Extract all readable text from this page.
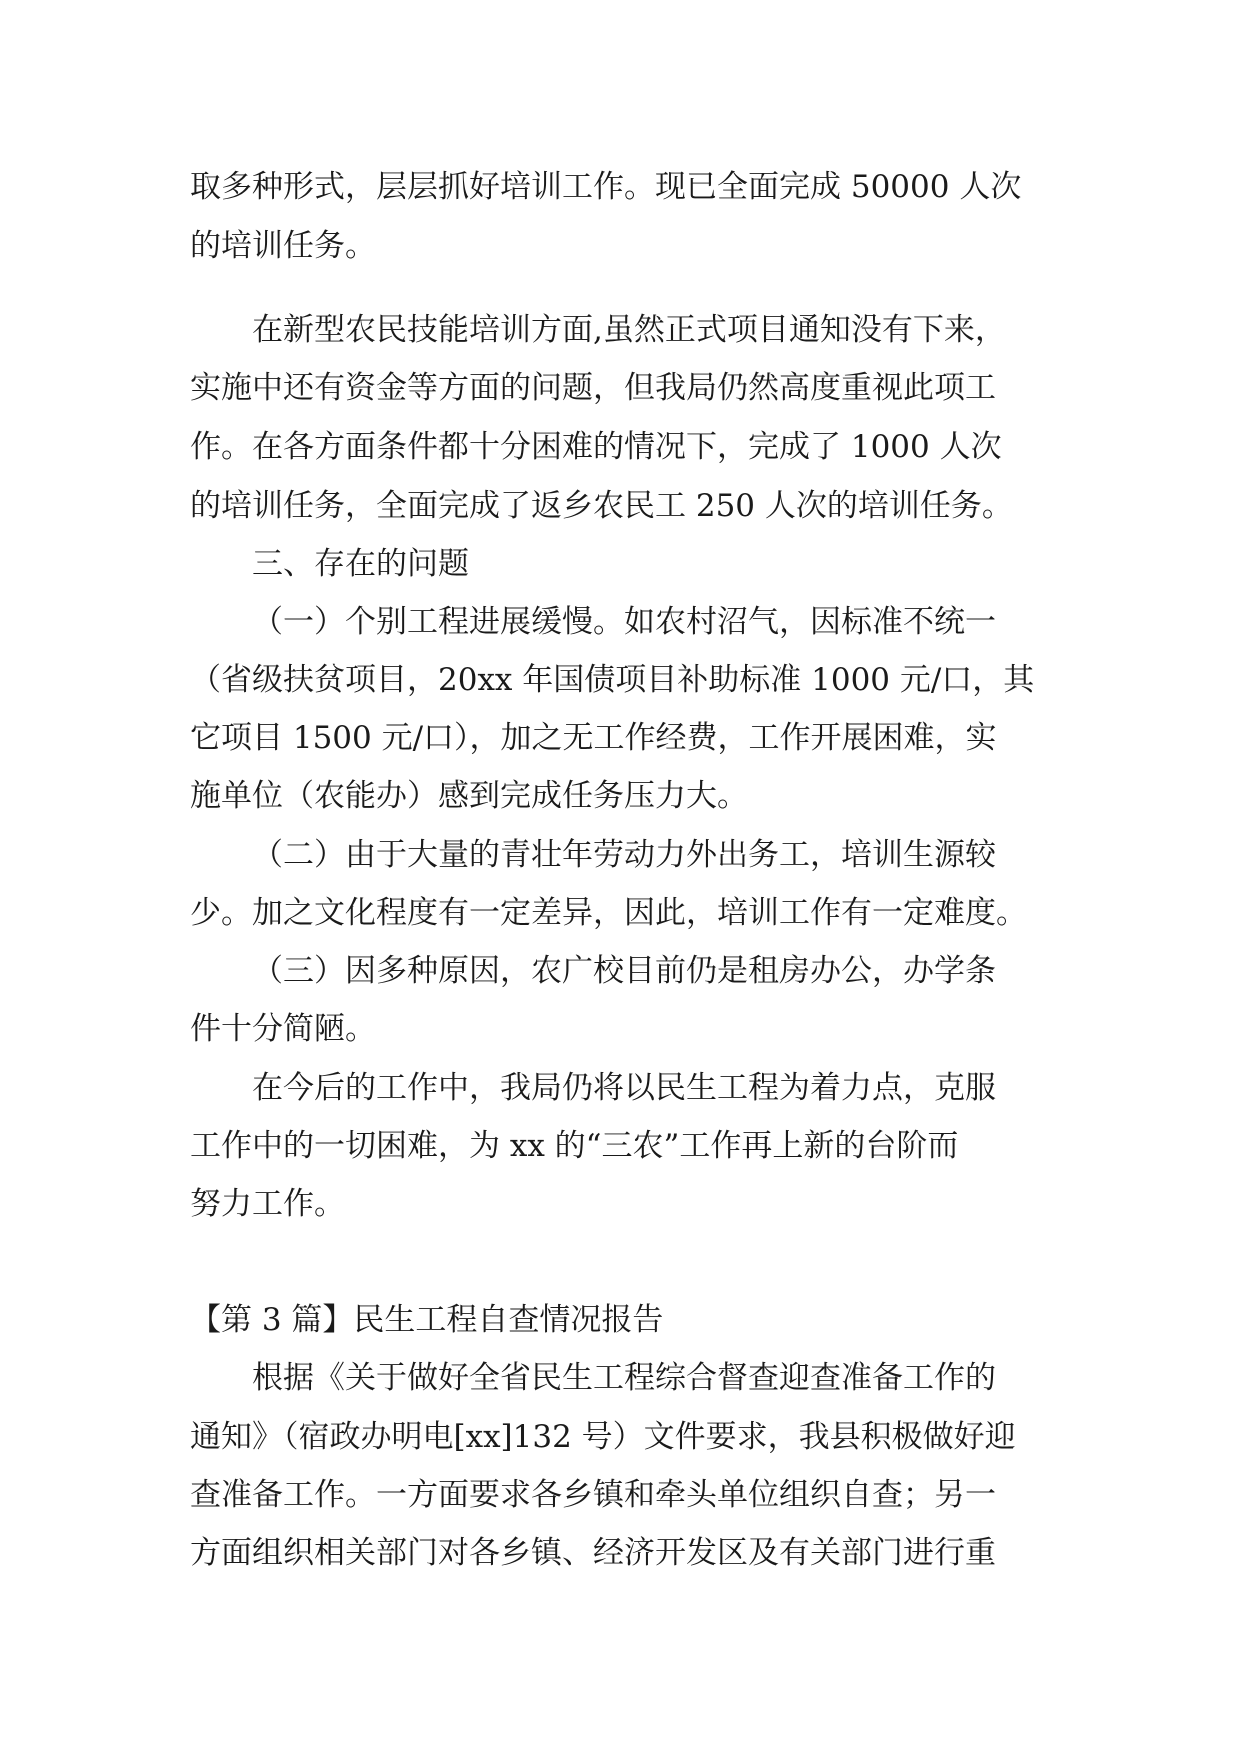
取多种形式，层层抓好培训工作。现已全面完成 50000 人次
的培训任务。
在新型农民技能培训方面,虽然正式项目通知没有下来，
实施中还有资金等方面的问题，但我局仍然高度重视此项工
作。在各方面条件都十分困难的情况下，完成了 1000 人次
的培训任务，全面完成了返乡农民工 250 人次的培训任务。
三、存在的问题
（一）个别工程进展缓慢。如农村沼气，因标准不统一
（省级扶贫项目，20xx 年国债项目补助标准 1000 元/口，其
它项目 1500 元/口），加之无工作经费，工作开展困难，实
施单位（农能办）感到完成任务压力大。
（二）由于大量的青壮年劳动力外出务工，培训生源较
少。加之文化程度有一定差异，因此，培训工作有一定难度。
（三）因多种原因，农广校目前仍是租房办公，办学条
件十分简陋。
在今后的工作中，我局仍将以民生工程为着力点，克服
工作中的一切困难，为 xx 的“三农”工作再上新的台阶而
努力工作。
【第 3 篇】民生工程自查情况报告
根据《关于做好全省民生工程综合督查迎查准备工作的
通知》（宿政办明电[xx]132 号）文件要求，我县积极做好迎
查准备工作。一方面要求各乡镇和牵头单位组织自查；另一
方面组织相关部门对各乡镇、经济开发区及有关部门进行重
